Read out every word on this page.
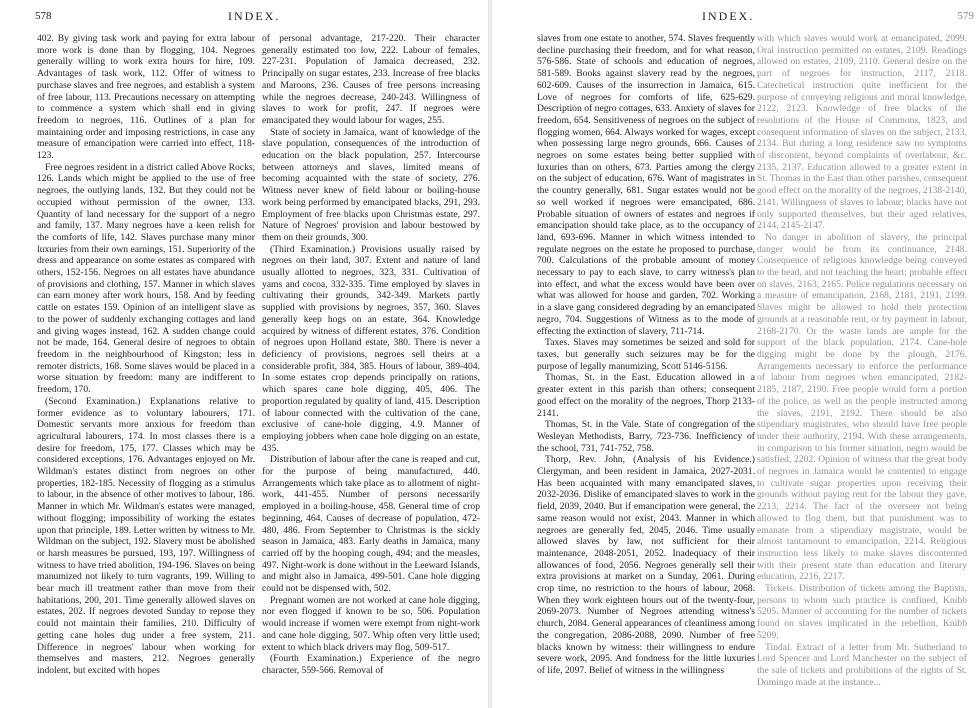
578	INDEX.

402. By giving task work and paying for extra labour more work is done than by flogging, 104. Negroes generally willing to work extra hours for hire, 109. Advantages of task work, 112. Offer of witness to purchase slaves and free negroes, and establish a system of free labour, 113. Precautions necessary on attempting to commence a system which shall end in giving freedom to negroes, 116. Outlines of a plan for maintaining order and imposing restrictions, in case any measure of emancipation were carried into effect, 118-123.

Free negroes resident in a district called Above Rocks, 126. Lands which might be applied to the use of free negroes, the outlying lands, 132. But they could not be occupied without permission of the owner, 133. Quantity of land necessary for the support of a negro and family, 137. Many negroes have a keen relish for the comforts of life, 142. Slaves purchase many minor luxuries from their own earnings, 151. Superiority of the dress and appearance on some estates as compared with others, 152-156. Negroes on all estates have abundance of provisions and clothing, 157. Manner in which slaves can earn money after work hours, 158. And by feeding cattle on estates 159. Opinion of an intelligent slave as to the power of suddenly exchanging cottages and land and giving wages instead, 162. A sudden change could not be made, 164. General desire of negroes to obtain freedom in the neighbourhood of Kingston; less in remoter districts, 168. Some slaves would be placed in a worse situation by freedom: many are indifferent to freedom, 170.

(Second Examination.) Explanations relative to former evidence as to voluntary labourers, 171. Domestic servants more anxious for freedom than agricultural labourers, 174. In most classes there is a desire for freedom, 175, 177. Classes which may be considered exceptions, 176. Advantages enjoyed on Mr. Wildman's estates distinct from negroes on other properties, 182-185. Necessity of flogging as a stimulus to labour, in the absence of other motives to labour, 186. Manner in which Mr. Wildman's estates were managed, without flogging; impossibility of working the estates upon that principle, 189. Letter written by witness to Mr. Wildman on the subject, 192. Slavery must be abolished or harsh measures be pursued, 193, 197. Willingness of witness to have tried abolition, 194-196. Slaves on being manumized not likely to turn vagrants, 199. Willing to bear much ill treatment rather than move from their habitations, 200, 201. Time generally allowed slaves on estates, 202. If negroes devoted Sunday to repose they could not maintain their families, 210. Difficulty of getting cane holes dug under a free system, 211. Difference in negroes' labour when working for themselves and masters, 212. Negroes generally indolent, but excited with hopes

of personal advantage, 217-220. Their character generally estimated too low, 222. Labour of females, 227-231. Population of Jamaica decreased, 232. Principally on sugar estates, 233. Increase of free blacks and Maroons, 236. Causes of free persons increasing while the negroes decrease, 240-243. Willingness of slaves to work for profit, 247. If negroes were emancipated they would labour for wages, 255.

State of society in Jamaica, want of knowledge of the slave population, consequences of the introduction of education on the black population, 257. Intercourse between attorneys and slaves, limited means of becoming acquainted with the state of society, 276. Witness never knew of field labour or boiling-house work being performed by emancipated blacks, 291, 293. Employment of free blacks upon Christmas estate, 297. Nature of Negroes' provision and labour bestowed by them on their grounds, 300.

(Third Examination.) Provisions usually raised by negroes on their land, 307. Extent and nature of land usually allotted to negroes, 323, 331. Cultivation of yams and cocoa, 332-335. Time employed by slaves in cultivating their grounds, 342-349. Markets partly supplied with provisions by negroes, 357, 360. Slaves generally keep hogs on an estate, 364. Knowledge acquired by witness of different estates, 376. Condition of negroes upon Holland estate, 380. There is never a deficiency of provisions, negroes sell theirs at a considerable profit, 384, 385. Hours of labour, 389-404. In some estates crop depends principally on rations, which spares cane hole digging, 405, 406. The proportion regulated by quality of land, 415. Description of labour connected with the cultivation of the cane, exclusive of cane-hole digging, 4.9. Manner of employing jobbers when cane hole digging on an estate, 435.

Distribution of labour after the cane is reaped and cut, for the purpose of being manufactured, 440. Arrangements which take place as to allotment of night-work, 441-455. Number of persons necessarily employed in a boiling-house, 458. General time of crop beginning, 464. Causes of decrease of population, 472-480, 486. From September to Christmas is the sickly season in Jamaica, 483. Early deaths in Jamaica, many carried off by the hooping cough, 494; and the measles, 497. Night-work is done without in the Leeward Islands, and might also in Jamaica, 499-501. Cane hole digging could not be dispensed with, 502.

Pregnant women are not worked at cane hole digging, nor even flogged if known to be so, 506. Population would increase if women were exempt from night-work and cane hole digging, 507. Whip often very little used; extent to which black drivers may flog, 509-517.

(Fourth Examination.) Experience of the negro character, 559-566. Removal of

INDEX.	579

slaves from one estate to another, 574. Slaves frequently decline purchasing their freedom, and for what reason, 576-586. State of schools and education of negroes, 581-589. Books against slavery read by the negroes, 602-609. Causes of the insurrection in Jamaica, 615. Love of negroes for comforts of life, 625-629. Description of negro cottages, 633. Anxiety of slaves for freedom, 654. Sensitiveness of negroes on the subject of flogging women, 664. Always worked for wages, except when possessing large negro grounds, 666. Causes of negroes on some estates being better supplied with luxuries than on others, 673. Parties among the clergy on the subject of education, 676. Want of magistrates in the country generally, 681. Sugar estates would not be so well worked if negroes were emancipated, 686. Probable situation of owners of estates and negroes if emancipation should take place, as to the occupancy of land, 693-696. Manner in which witness intended to regulate negroes on the estate he proposed to purchase, 700. Calculations of the probable amount of money necessary to pay to each slave, to carry witness's plan into effect, and what the excess would have been over what was allowed for house and garden, 702. Working in a slave gang considered degrading by an emancipated negro, 704. Suggestions of Witness as to the mode of effecting the extinction of slavery, 711-714.

Taxes. Slaves may sometimes be seized and sold for taxes, but generally such seizures may be for the purpose of legally manumizing, Scott 5146-5156.

Thomas, St. in the East. Education allowed in a greater extent in this parish than others; consequent good effect on the morality of the negroes, Thorp 2133-2141.

Thomas, St. in the Vale. State of congregation of the Wesleyan Methodists, Barry, 723-736. Inefficiency of the school, 731, 741-752, 758.

Thorp, Rev. John, (Analysis of his Evidence.) Clergyman, and been resident in Jamaica, 2027-2031. Has been acquainted with many emancipated slaves, 2032-2036. Dislike of emancipated slaves to work in the field, 2039, 2040. But if emancipation were general, the same reason would not exist, 2043. Manner in which negroes are generally fed, 2045, 2046. Time usually allowed slaves by law, not sufficient for their maintenance, 2048-2051, 2052. Inadequacy of their allowances of food, 2056. Negroes generally sell their extra provisions at market on a Sunday, 2061. During crop time, no restriction to the hours of labour, 2068. When they work eighteen hours out of the twenty-four, 2069-2073. Number of Negroes attending witness's church, 2084. General appearances of cleanliness among the congregation, 2086-2088, 2090. Number of free blacks known by witness: their willingness to endure severe work, 2095. And fondness for the little luxuries of life, 2097. Belief of witness in the willingness

with which slaves would work at emancipated, 2099. Oral instruction permitted on estates, 2109. Readings allowed on estates, 2109, 2110. General desire on the part of negroes for instruction, 2117, 2118. Catechetical instruction quite inefficient for the purpose of conveying religious and moral knowledge, 2122, 2123. Knowledge of free blacks of the resolutions of the House of Commons, 1823, and consequent information of slaves on the subject, 2133, 2134. But during a long residence saw no symptoms of discontent, beyond complaints of overlabour, &c. 2135, 2137. Education allowed to a greater extent in St. Thomas in the East than other parishes, consequent good effect on the morality of the negroes, 2138-2140, 2141. Willingness of slaves to labour; blacks have not only supported themselves, but their aged relatives, 2144, 2145-2147.

No danger in abolition of slavery, the principal danger would be from its continuance, 2148. Consequence of religious knowledge being conveyed to the head, and not teaching the heart; probable effect on slaves, 2163, 2165. Police regulations necessary on a measure of emancipation, 2168, 2181, 2191, 2199. Slaves might be allowed to hold their protection grounds at a reasonable rent, or by payment in labour, 2168-2170. Or the waste lands are ample for the support of the black population, 2174. Cane-hole digging might be done by the plough, 2176. Arrangements necessary to enforce the performance of labour from negroes when emancipated, 2182-2185, 2187, 2190. Free people would form a portion of the police, as well as the people instructed among the slaves, 2191, 2192. There should be also stipendiary magistrates, who should have free people under their authority, 2194. With these arrangements, in comparison to his former situation, negro would be satisfied, 2202. Opinion of witness that the great body of negroes in Jamaica would be contented to engage to cultivate sugar properties upon receiving their grounds without paying rent for the labour they gave, 2213, 2214. The fact of the overseer not being allowed to flog them, but that punishment was to emanate from a stipendiary magistrate, would be almost tantamount to emancipation, 2214. Religious instruction less likely to make slaves discontented with their present state than education and literary education, 2216, 2217.

Tickets. Distribution of tickets among the Baptists, persons to whom such practice is confined, Knibb 5205. Manner of accounting for the number of tickets found on slaves implicated in the rebellion, Knibb 5209.

Tindal. Extract of a letter from Mr. Sutherland to Lord Spencer and Lord Manchester on the subject of the sale of tickets and prohibitions of the rights of St. Domingo made at the instance...
